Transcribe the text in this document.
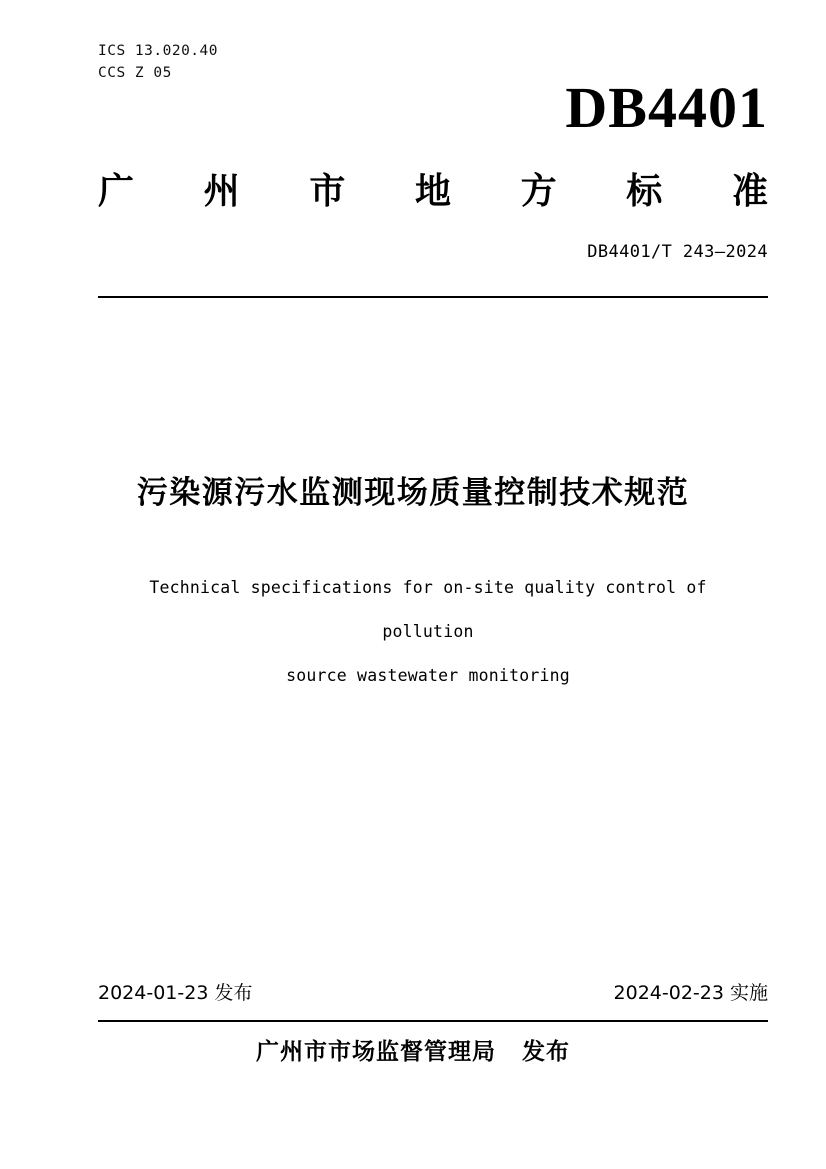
ICS 13.020.40
CCS Z 05
DB4401
广 州 市 地 方 标 准
DB4401/T 243—2024
污染源污水监测现场质量控制技术规范
Technical specifications for on-site quality control of pollution
source wastewater monitoring
2024-01-23 发布	2024-02-23 实施
广州市市场监督管理局 发布
